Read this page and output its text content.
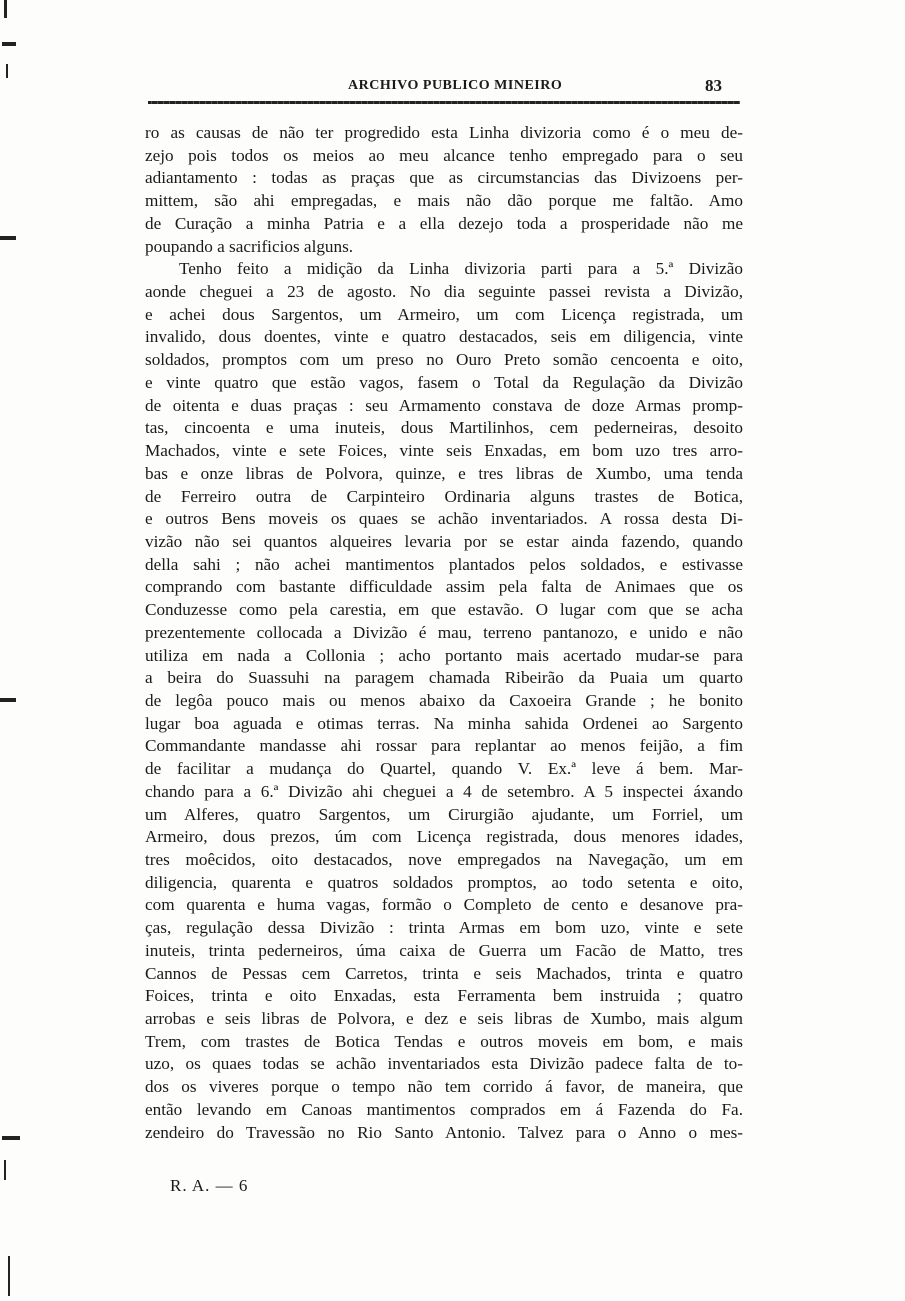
ARCHIVO PUBLICO MINEIRO	83
ro as causas de não ter progredido esta Linha divizoria como é o meu de-
zejo pois todos os meios ao meu alcance tenho empregado para o seu
adiantamento : todas as praças que as circumstancias das Divizoens per-
mittem, são ahi empregadas, e mais não dão porque me faltão. Amo
de Curação a minha Patria e a ella dezejo toda a prosperidade não me
poupando a sacrificios alguns.
Tenho feito a midição da Linha divizoria parti para a 5.ª Divizão
aonde cheguei a 23 de agosto. No dia seguinte passei revista a Divizão,
e achei dous Sargentos, um Armeiro, um com Licença registrada, um
invalido, dous doentes, vinte e quatro destacados, seis em diligencia, vinte
soldados, promptos com um preso no Ouro Preto somão cencoenta e oito,
e vinte quatro que estão vagos, fasem o Total da Regulação da Divizão
de oitenta e duas praças : seu Armamento constava de doze Armas promp-
tas, cincoenta e uma inuteis, dous Martilinhos, cem pederneiras, desoito
Machados, vinte e sete Foices, vinte seis Enxadas, em bom uzo tres arro-
bas e onze libras de Polvora, quinze, e tres libras de Xumbo, uma tenda
de Ferreiro outra de Carpinteiro Ordinaria alguns trastes de Botica,
e outros Bens moveis os quaes se achão inventariados. A rossa desta Di-
vizão não sei quantos alqueires levaria por se estar ainda fazendo, quando
della sahi ; não achei mantimentos plantados pelos soldados, e estivasse
comprando com bastante difficuldade assim pela falta de Animaes que os
Conduzesse como pela carestia, em que estavão. O lugar com que se acha
prezentemente collocada a Divizão é mau, terreno pantanozo, e unido e não
utiliza em nada a Collonia ; acho portanto mais acertado mudar-se para
a beira do Suassuhi na paragem chamada Ribeirão da Puaia um quarto
de legôa pouco mais ou menos abaixo da Caxoeira Grande ; he bonito
lugar boa aguada e otimas terras. Na minha sahida Ordenei ao Sargento
Commandante mandasse ahi rossar para replantar ao menos feijão, a fim
de facilitar a mudança do Quartel, quando V. Ex.ª leve á bem. Mar-
chando para a 6.ª Divizão ahi cheguei a 4 de setembro. A 5 inspectei áxando
um Alferes, quatro Sargentos, um Cirurgião ajudante, um Forriel, um
Armeiro, dous prezos, úm com Licença registrada, dous menores idades,
tres moêcidos, oito destacados, nove empregados na Navegação, um em
diligencia, quarenta e quatros soldados promptos, ao todo setenta e oito,
com quarenta e huma vagas, formão o Completo de cento e desanove pra-
ças, regulação dessa Divizão : trinta Armas em bom uzo, vinte e sete
inuteis, trinta pederneiros, úma caixa de Guerra um Facão de Matto, tres
Cannos de Pessas cem Carretos, trinta e seis Machados, trinta e quatro
Foices, trinta e oito Enxadas, esta Ferramenta bem instruida ; quatro
arrobas e seis libras de Polvora, e dez e seis libras de Xumbo, mais algum
Trem, com trastes de Botica Tendas e outros moveis em bom, e mais
uzo, os quaes todas se achão inventariados esta Divizão padece falta de to-
dos os viveres porque o tempo não tem corrido á favor, de maneira, que
então levando em Canoas mantimentos comprados em á Fazenda do Fa.
zendeiro do Travessão no Rio Santo Antonio. Talvez para o Anno o mes-
R. A. — 6
